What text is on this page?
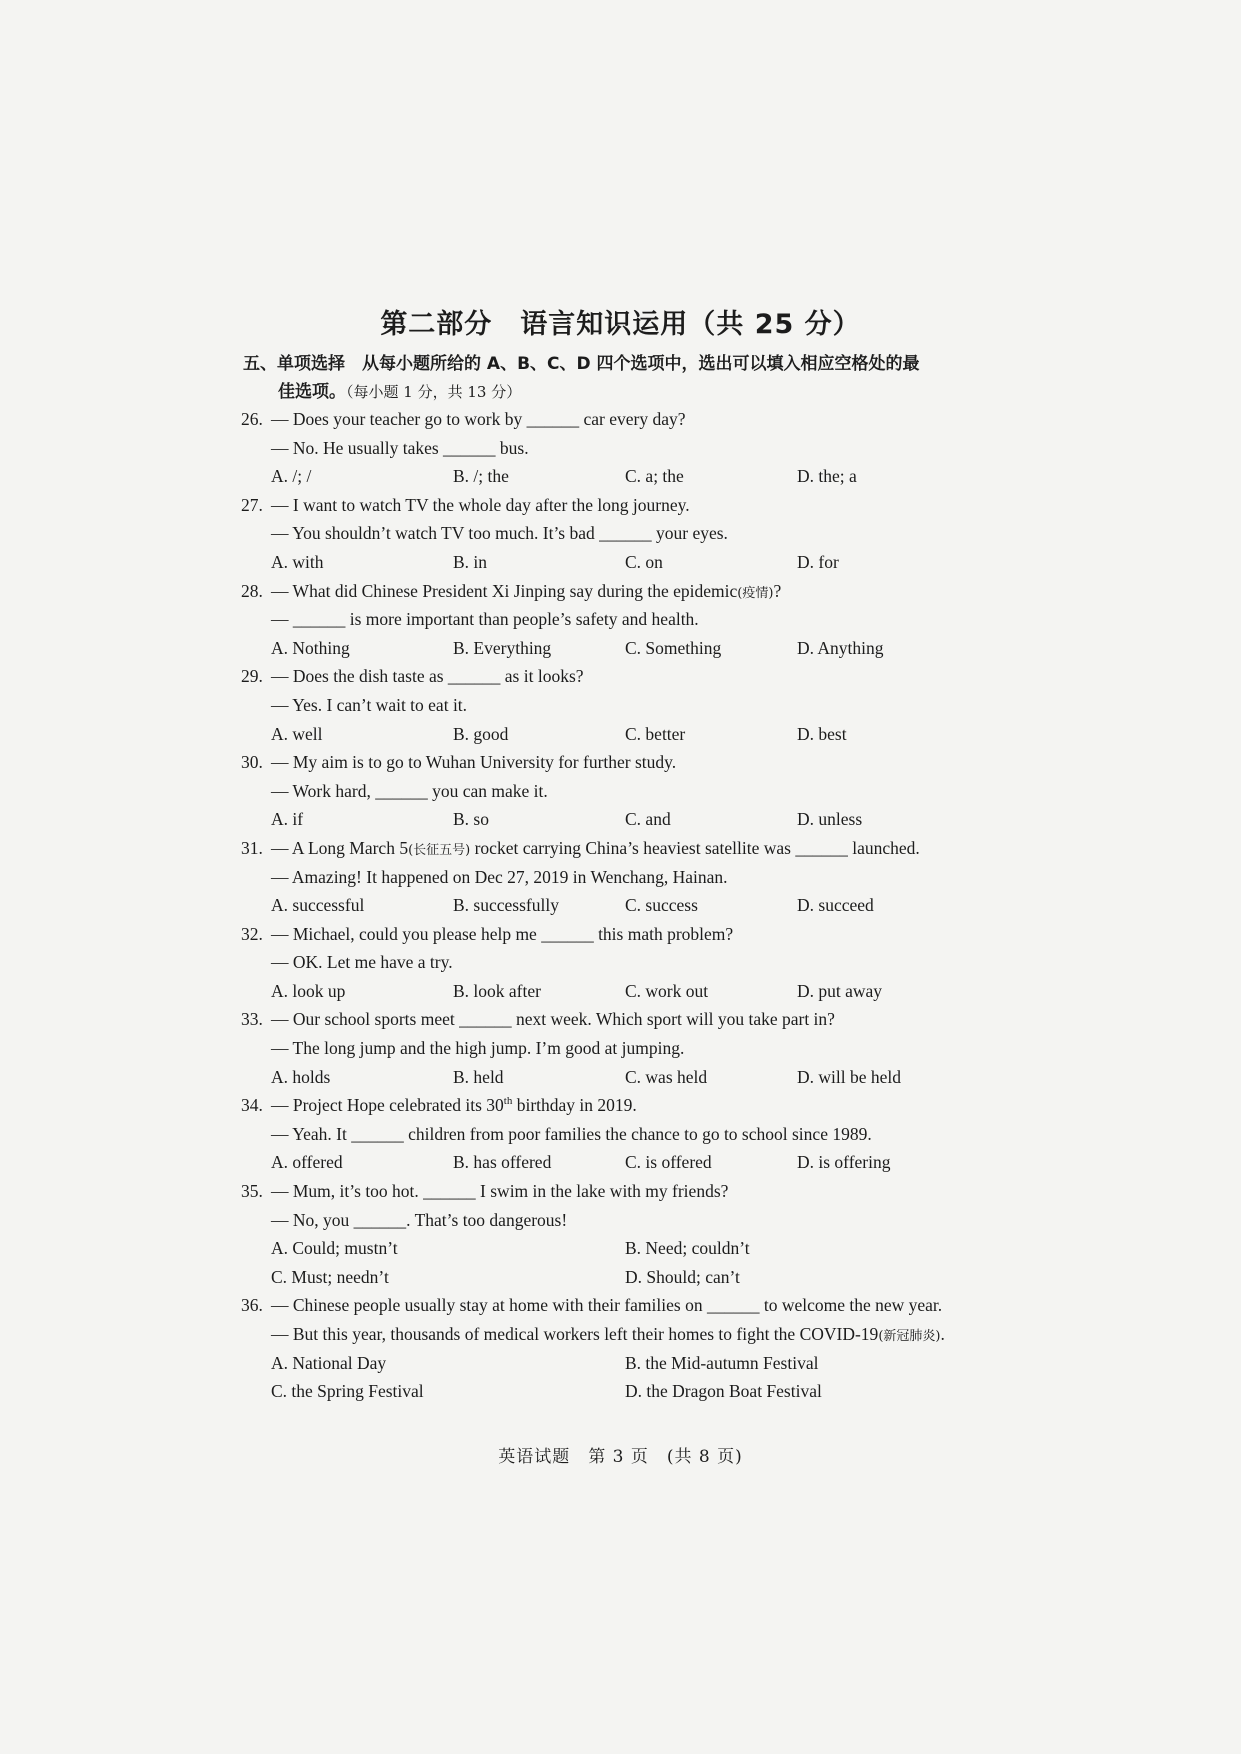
第二部分　语言知识运用（共 25 分）
五、单项选择　从每小题所给的 A、B、C、D 四个选项中，选出可以填入相应空格处的最
佳选项。（每小题 1 分，共 13 分）
26. — Does your teacher go to work by ______ car every day?
— No. He usually takes ______ bus.
A. /; /	B. /; the	C. a; the	D. the; a
27. — I want to watch TV the whole day after the long journey.
— You shouldn’t watch TV too much. It’s bad ______ your eyes.
A. with	B. in	C. on	D. for
28. — What did Chinese President Xi Jinping say during the epidemic(疫情)?
— ______ is more important than people’s safety and health.
A. Nothing	B. Everything	C. Something	D. Anything
29. — Does the dish taste as ______ as it looks?
— Yes. I can’t wait to eat it.
A. well	B. good	C. better	D. best
30. — My aim is to go to Wuhan University for further study.
— Work hard, ______ you can make it.
A. if	B. so	C. and	D. unless
31. — A Long March 5(长征五号) rocket carrying China’s heaviest satellite was ______ launched.
— Amazing! It happened on Dec 27, 2019 in Wenchang, Hainan.
A. successful	B. successfully	C. success	D. succeed
32. — Michael, could you please help me ______ this math problem?
— OK. Let me have a try.
A. look up	B. look after	C. work out	D. put away
33. — Our school sports meet ______ next week. Which sport will you take part in?
— The long jump and the high jump. I’m good at jumping.
A. holds	B. held	C. was held	D. will be held
34. — Project Hope celebrated its 30th birthday in 2019.
— Yeah. It ______ children from poor families the chance to go to school since 1989.
A. offered	B. has offered	C. is offered	D. is offering
35. — Mum, it’s too hot. ______ I swim in the lake with my friends?
— No, you ______. That’s too dangerous!
A. Could; mustn’t	B. Need; couldn’t
C. Must; needn’t	D. Should; can’t
36. — Chinese people usually stay at home with their families on ______ to welcome the new year.
— But this year, thousands of medical workers left their homes to fight the COVID-19(新冠肺炎).
A. National Day	B. the Mid-autumn Festival
C. the Spring Festival	D. the Dragon Boat Festival
英语试题　第 3 页　(共 8 页)
